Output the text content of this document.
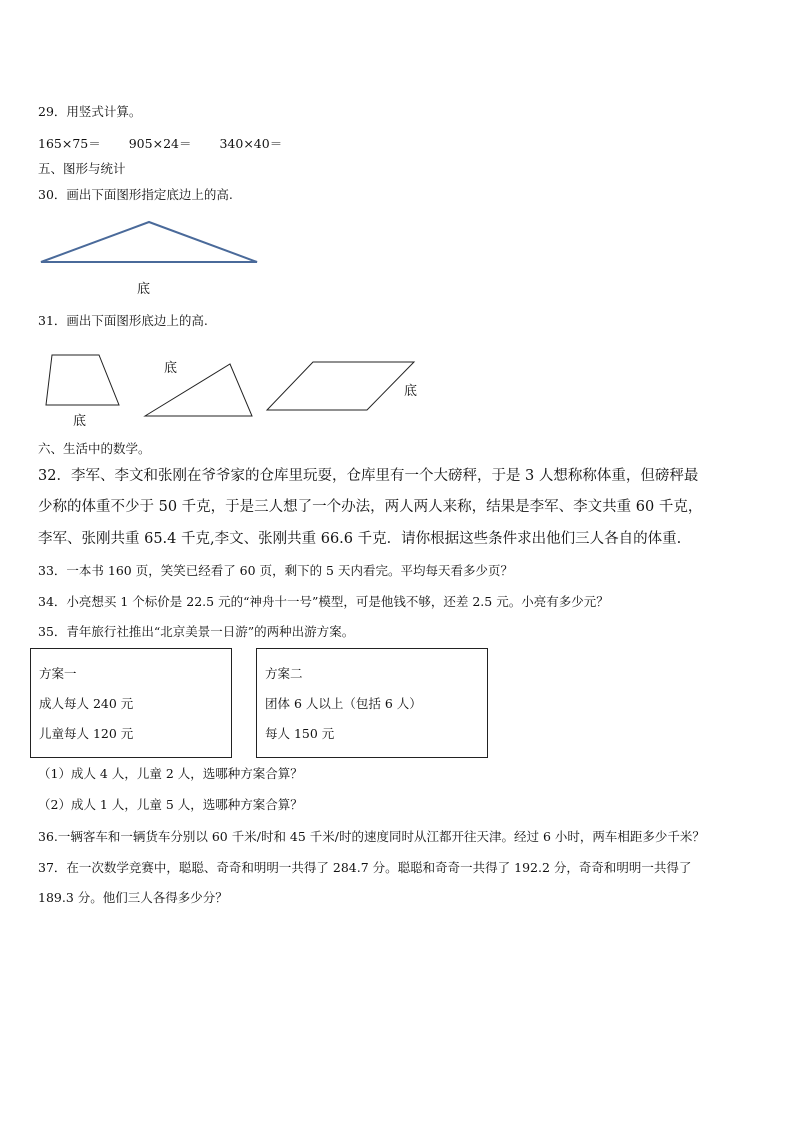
29．用竖式计算。
165×75＝ 905×24＝ 340×40＝
五、图形与统计
30．画出下面图形指定底边上的高.
底
31．画出下面图形底边上的高.
底
底
底
六、生活中的数学。
32．李军、李文和张刚在爷爷家的仓库里玩耍，仓库里有一个大磅秤，于是 3 人想称称体重，但磅秤最
少称的体重不少于 50 千克，于是三人想了一个办法，两人两人来称，结果是李军、李文共重 60 千克，
李军、张刚共重 65.4 千克,李文、张刚共重 66.6 千克．请你根据这些条件求出他们三人各自的体重.
33．一本书 160 页，笑笑已经看了 60 页，剩下的 5 天内看完。平均每天看多少页？
34．小亮想买 1 个标价是 22.5 元的“神舟十一号”模型，可是他钱不够，还差 2.5 元。小亮有多少元？
35．青年旅行社推出“北京美景一日游”的两种出游方案。
方案一
成人每人 240 元
儿童每人 120 元
方案二
团体 6 人以上（包括 6 人）
每人 150 元
（1）成人 4 人，儿童 2 人，选哪种方案合算？
（2）成人 1 人，儿童 5 人，选哪种方案合算？
36.一辆客车和一辆货车分别以 60 千米/时和 45 千米/时的速度同时从江都开往天津。经过 6 小时，两车相距多少千米？
37．在一次数学竞赛中，聪聪、奇奇和明明一共得了 284.7 分。聪聪和奇奇一共得了 192.2 分，奇奇和明明一共得了
189.3 分。他们三人各得多少分？
